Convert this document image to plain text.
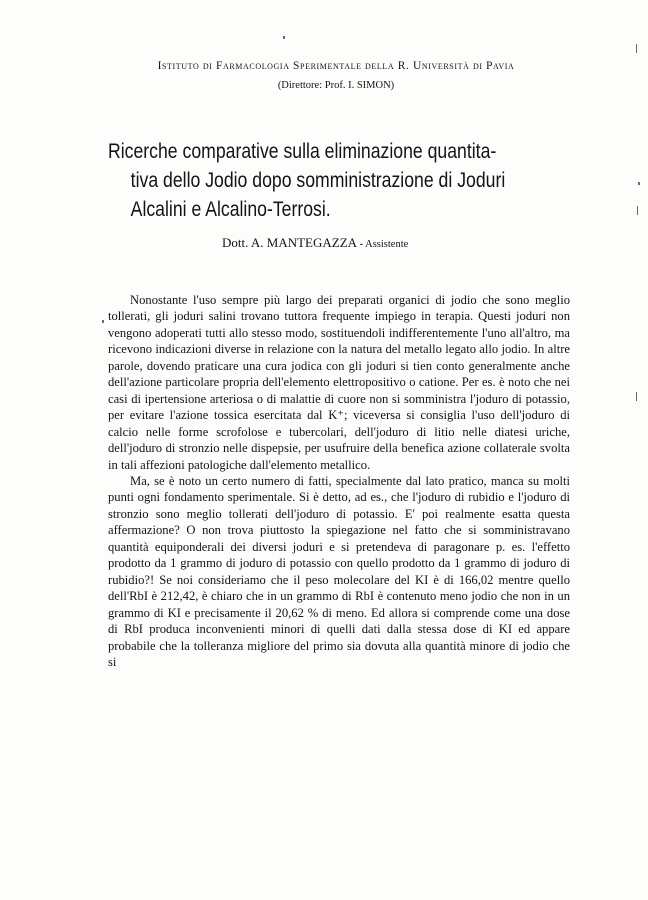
Istituto di Farmacologia Sperimentale della R. Università di Pavia
(Direttore: Prof. I. SIMON)
Ricerche comparative sulla eliminazione quantita-
tiva dello Jodio dopo somministrazione di Joduri
Alcalini e Alcalino-Terrosi.
Dott. A. MANTEGAZZA - Assistente

Nonostante l'uso sempre più largo dei preparati organici di jodio che sono meglio tollerati, gli joduri salini trovano tuttora frequente impiego in terapia. Questi joduri non vengono adoperati tutti allo stesso modo, sostituendoli indifferentemente l'uno all'altro, ma ricevono indicazioni diverse in relazione con la natura del metallo legato allo jodio. In altre parole, dovendo praticare una cura jodica con gli joduri si tien conto generalmente anche dell'azione particolare propria dell'elemento elettropositivo o catione. Per es. è noto che nei casi di ipertensione arteriosa o di malattie di cuore non si somministra l'joduro di potassio, per evitare l'azione tossica esercitata dal K⁺; viceversa si consiglia l'uso dell'joduro di calcio nelle forme scrofolose e tubercolari, dell'joduro di litio nelle diatesi uriche, dell'joduro di stronzio nelle dispepsie, per usufruire della benefica azione collaterale svolta in tali affezioni patologiche dall'elemento metallico.

Ma, se è noto un certo numero di fatti, specialmente dal lato pratico, manca su molti punti ogni fondamento sperimentale. Si è detto, ad es., che l'joduro di rubidio e l'joduro di stronzio sono meglio tollerati dell'joduro di potassio. E' poi realmente esatta questa affermazione? O non trova piuttosto la spiegazione nel fatto che si somministravano quantità equiponderali dei diversi joduri e si pretendeva di paragonare p. es. l'effetto prodotto da 1 grammo di joduro di potassio con quello prodotto da 1 grammo di joduro di rubidio?! Se noi consideriamo che il peso molecolare del KI è di 166,02 mentre quello dell'RbI è 212,42, è chiaro che in un grammo di RbI è contenuto meno jodio che non in un grammo di KI e precisamente il 20,62 % di meno. Ed allora si comprende come una dose di RbI produca inconvenienti minori di quelli dati dalla stessa dose di KI ed appare probabile che la tolleranza migliore del primo sia dovuta alla quantità minore di jodio che si
